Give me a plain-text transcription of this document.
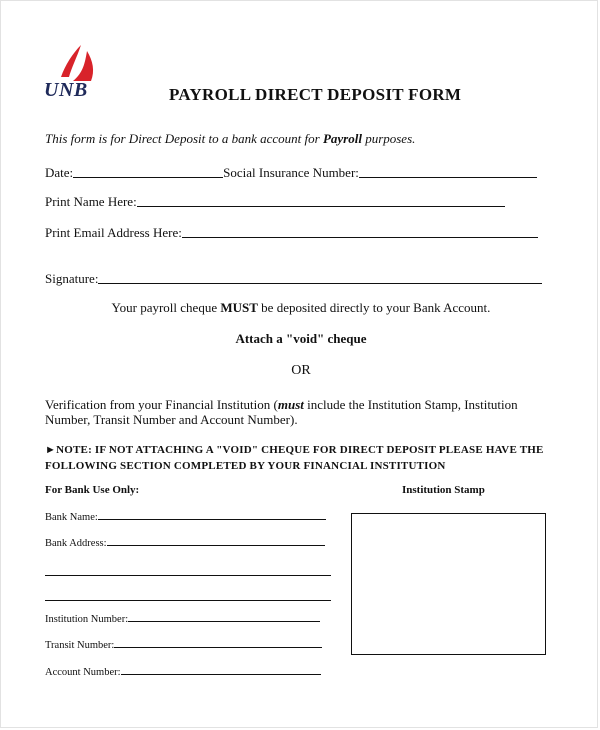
UNB	PAYROLL DIRECT DEPOSIT FORM
This form is for Direct Deposit to a bank account for Payroll purposes.
Date:	Social Insurance Number:
Print Name Here:
Print Email Address Here:
Signature:
Your payroll cheque MUST be deposited directly to your Bank Account.
Attach a "void" cheque
OR
Verification from your Financial Institution (must include the Institution Stamp, Institution Number, Transit Number and Account Number).
►NOTE: IF NOT ATTACHING A "VOID" CHEQUE FOR DIRECT DEPOSIT PLEASE HAVE THE FOLLOWING SECTION COMPLETED BY YOUR FINANCIAL INSTITUTION
For Bank Use Only:	Institution Stamp
Bank Name:
Bank Address:
Institution Number:
Transit Number:
Account Number:
